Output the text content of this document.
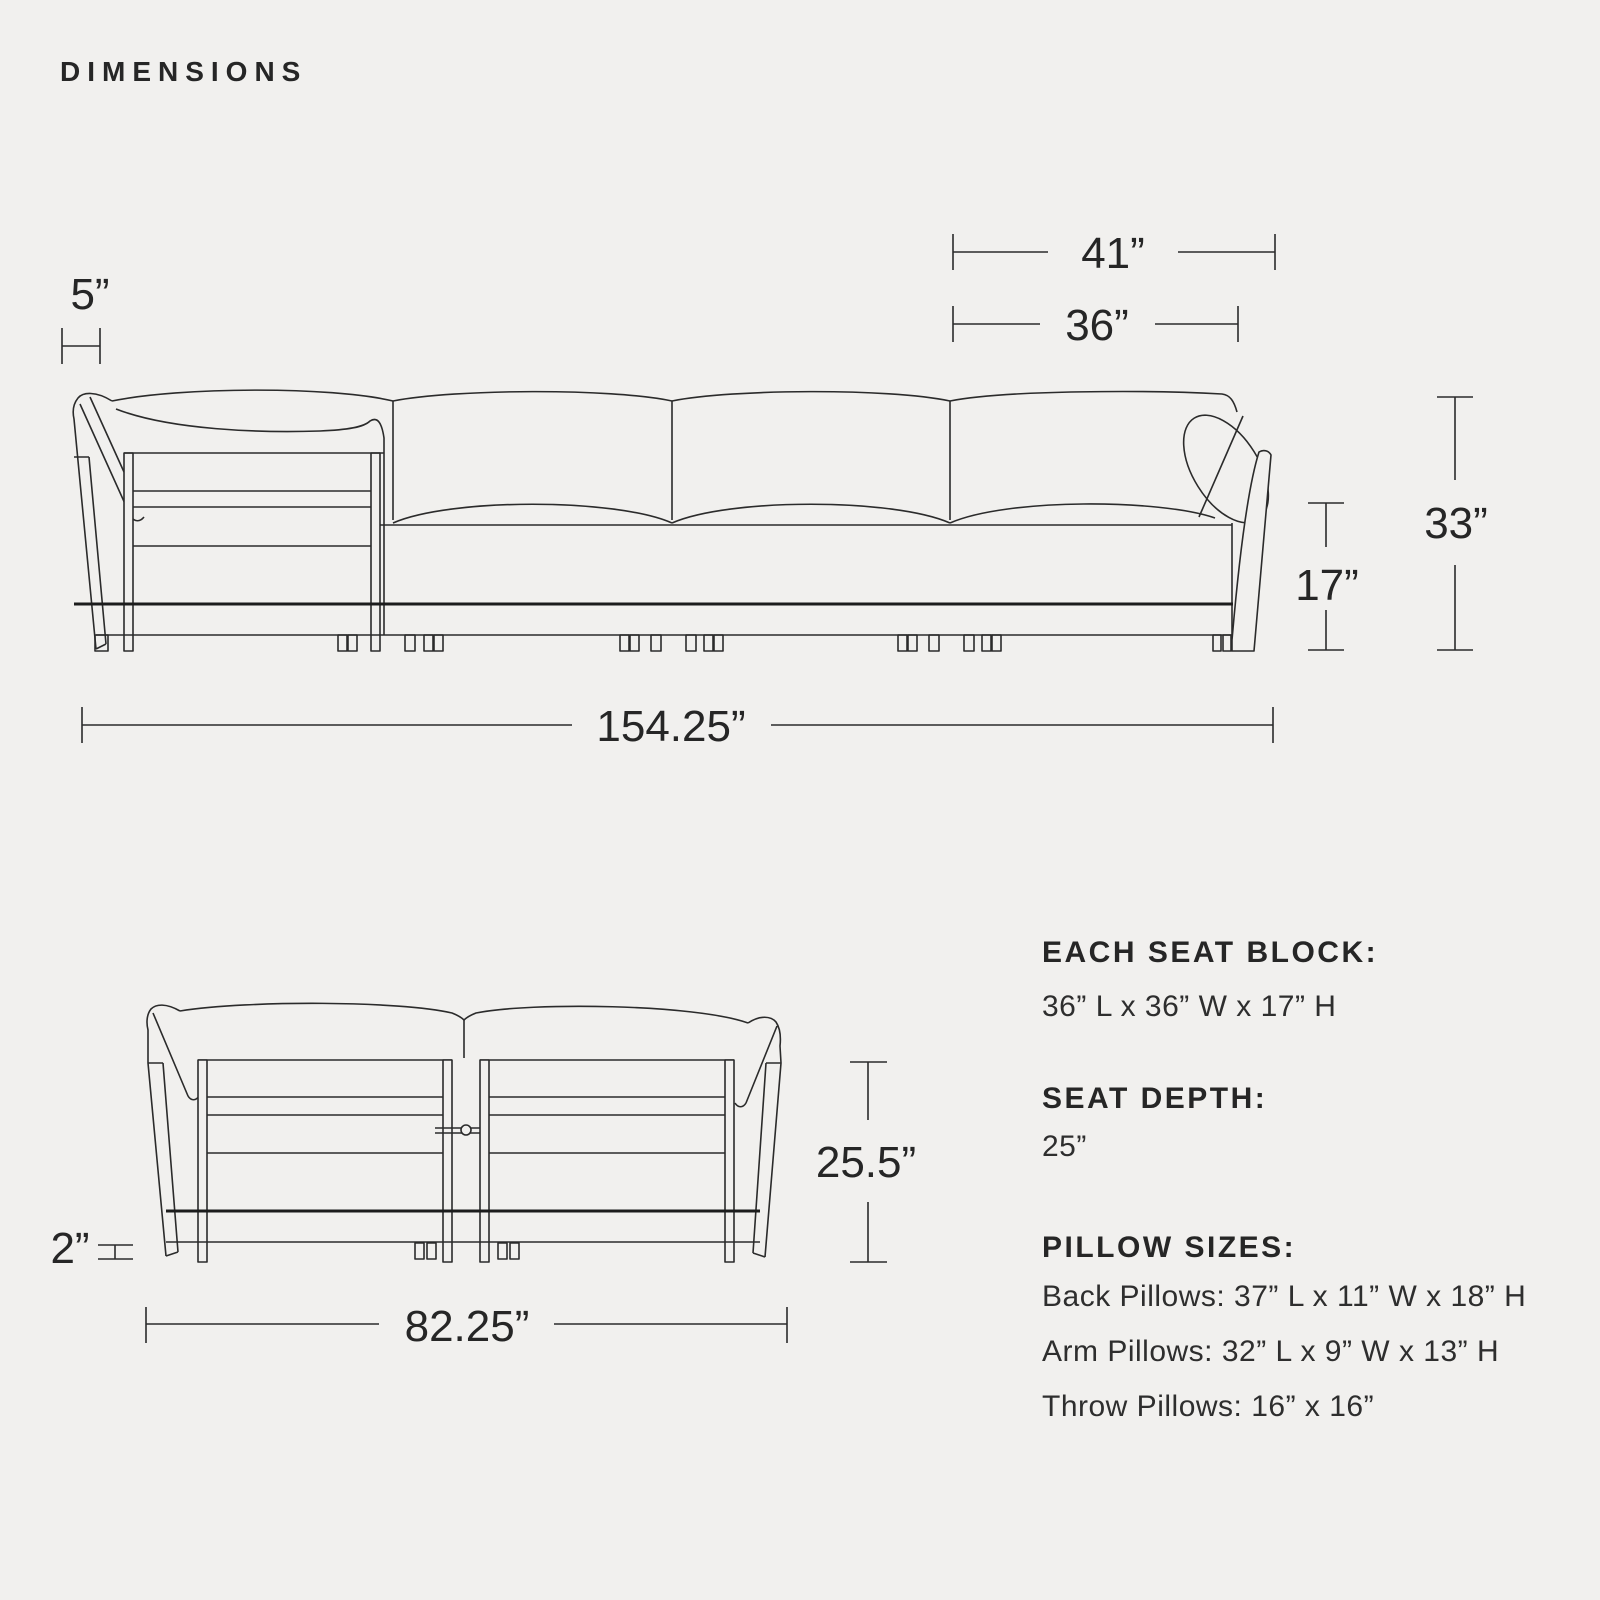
DIMENSIONS
5”
41”
36”
17”
33”
154.25”
2”
25.5”
82.25”
EACH SEAT BLOCK:
36” L x 36” W x 17” H
SEAT DEPTH:
25”
PILLOW SIZES:
Back Pillows: 37” L x 11” W x 18” H
Arm Pillows: 32” L x 9” W x 13” H
Throw Pillows: 16” x 16”
